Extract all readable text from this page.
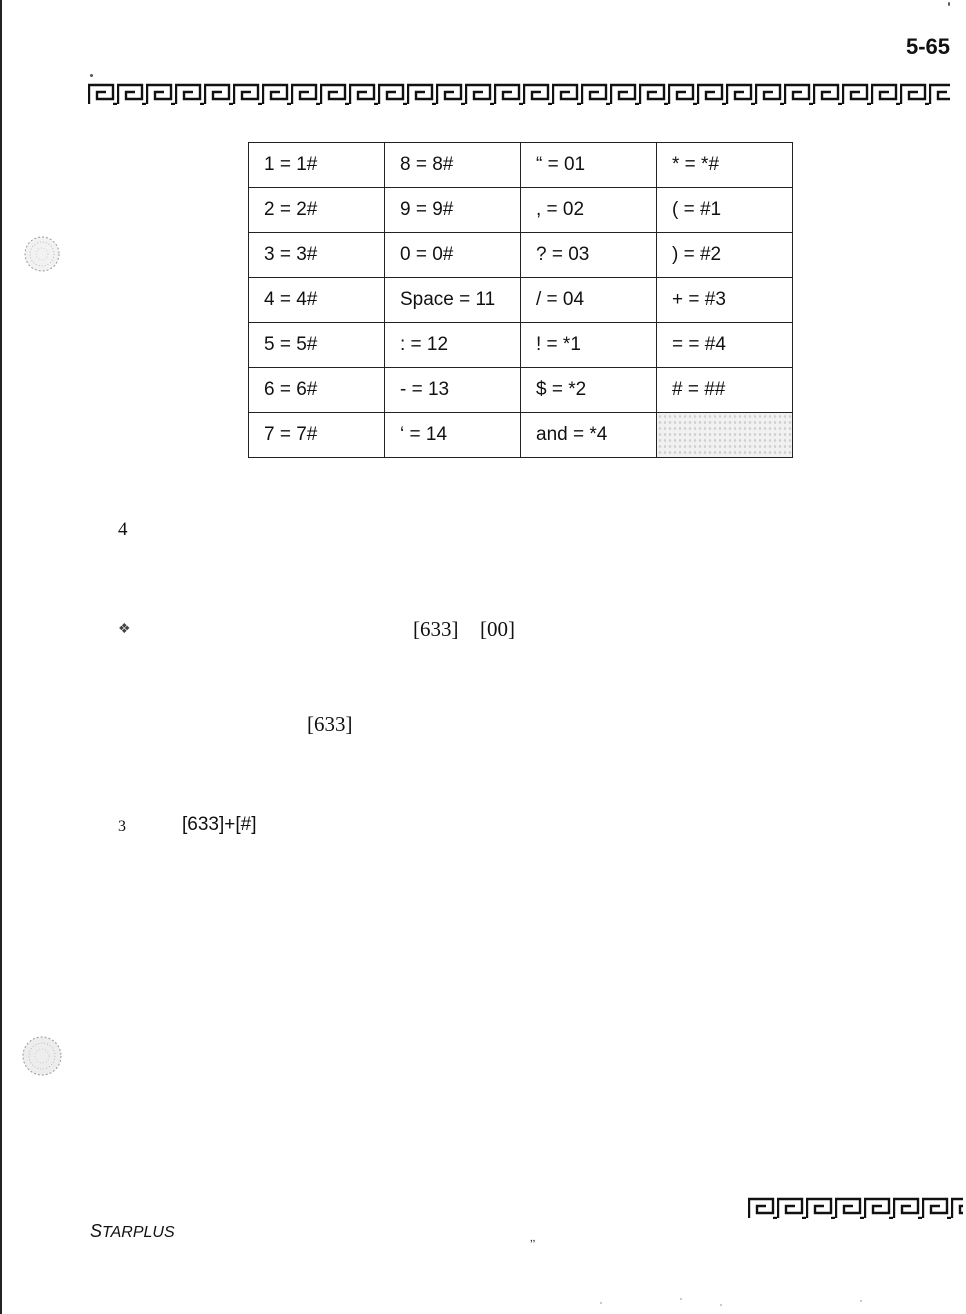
5-65
1 = 1#	8 = 8#	“ = 01	* = *#
2 = 2#	9 = 9#	, = 02	( = #1
3 = 3#	0 = 0#	? = 03	) = #2
4 = 4#	Space = 11	/ = 04	+ = #3
5 = 5#	: = 12	! = *1	= = #4
6 = 6#	- = 13	$ = *2	# = ##
7 = 7#	‘ = 14	and = *4	
4
❖	[633] [00]
[633]
3	[633]+[#]
STARPLUS	‚‚
